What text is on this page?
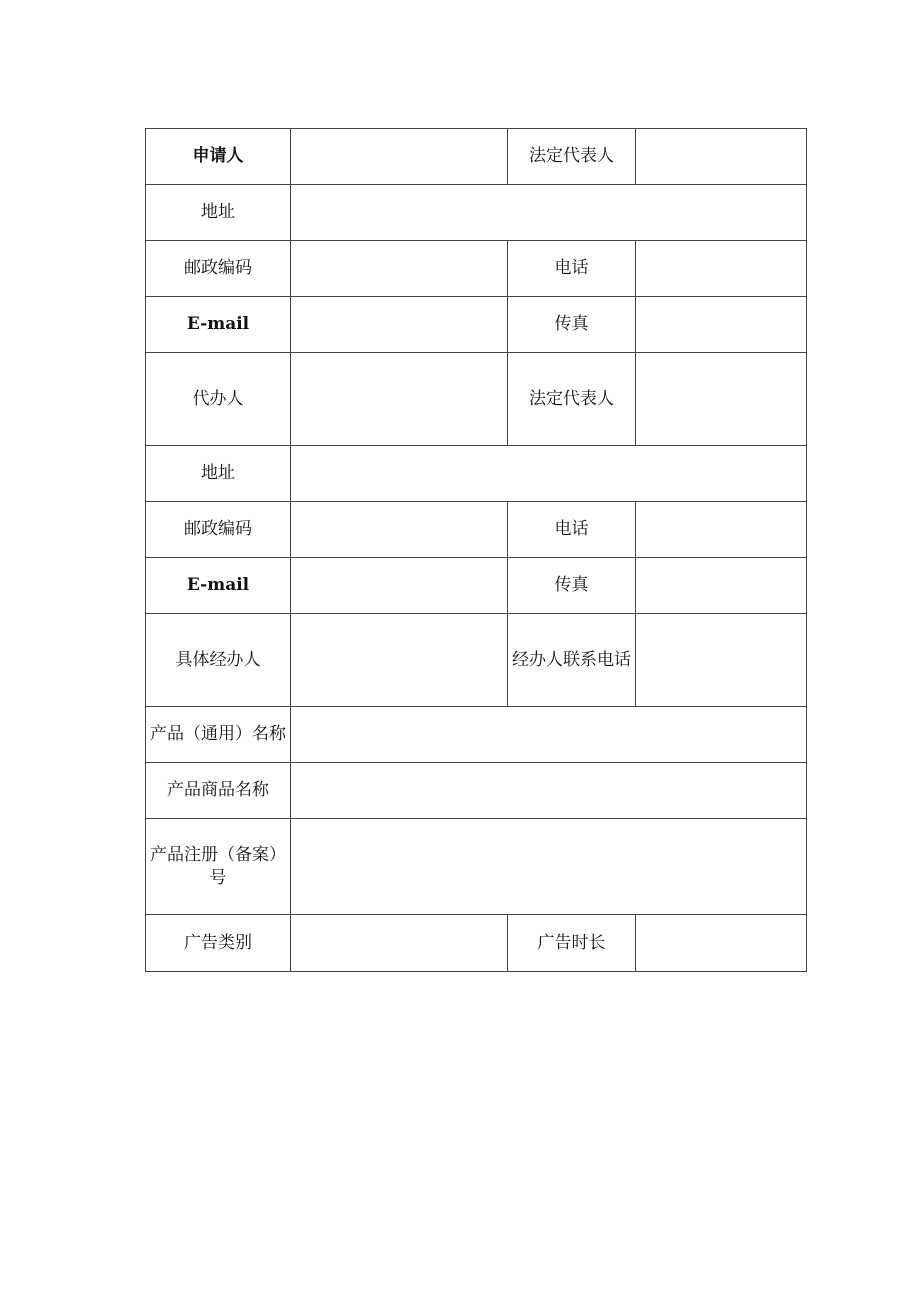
申请人		法定代表人	
地址			
邮政编码		电话	
E-mail		传真	
代办人		法定代表人	
地址			
邮政编码		电话	
E-mail		传真	
具体经办人		经办人联系电话	
产品（通用）名称			
产品商品名称			
产品注册（备案）号			
广告类别		广告时长	
